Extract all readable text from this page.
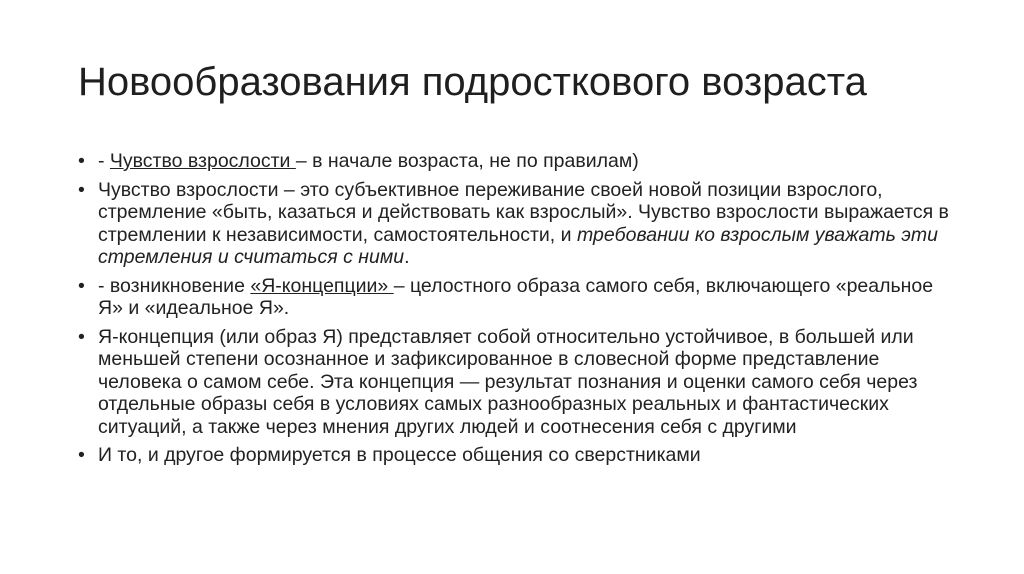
Новообразования подросткового возраста
• - Чувство взрослости – в начале возраста, не по правилам)
• Чувство взрослости – это субъективное переживание своей новой позиции взрослого, стремление «быть, казаться и действовать как взрослый». Чувство взрослости выражается в стремлении к независимости, самостоятельности, и требовании ко взрослым уважать эти стремления и считаться с ними.
• - возникновение «Я-концепции» – целостного образа самого себя, включающего «реальное Я» и «идеальное Я».
• Я-концепция (или образ Я) представляет собой относительно устойчивое, в большей или меньшей степени осознанное и зафиксированное в словесной форме представление человека о самом себе. Эта концепция — результат познания и оценки самого себя через отдельные образы себя в условиях самых разнообразных реальных и фантастических ситуаций, а также через мнения других людей и соотнесения себя с другими
• И то, и другое формируется в процессе общения со сверстниками
